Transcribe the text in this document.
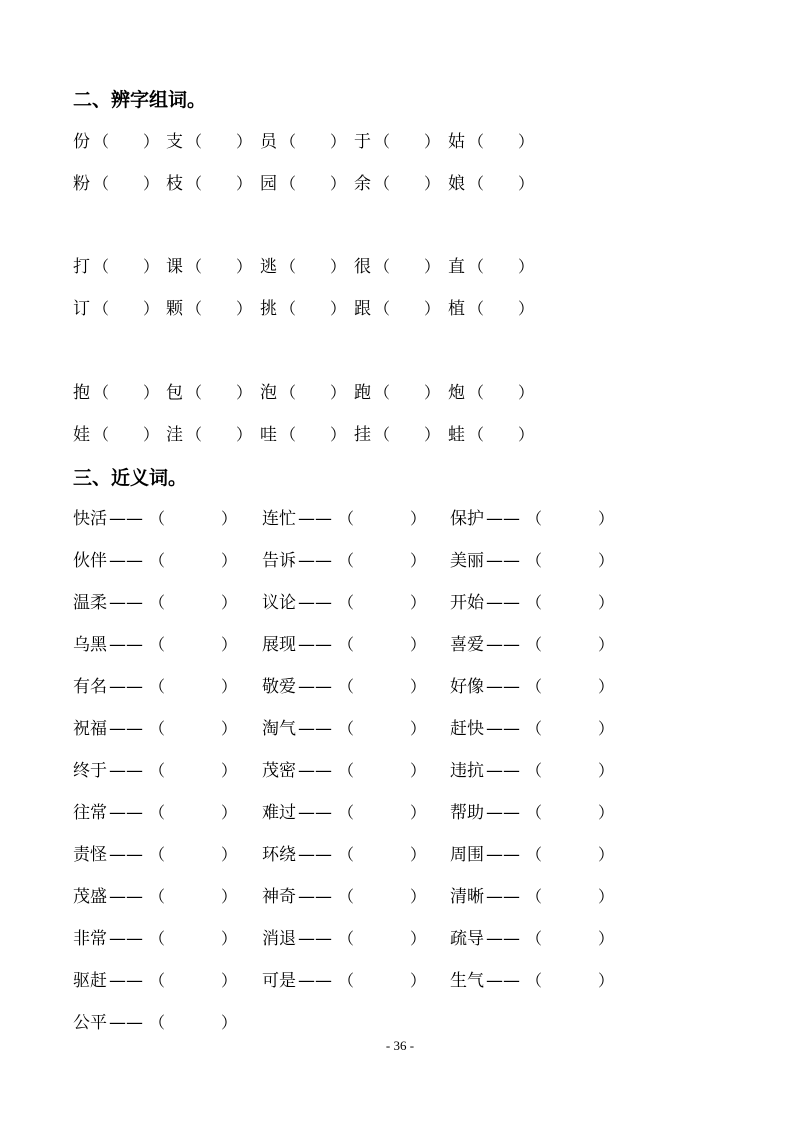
二、辨字组词。
份 （ ） 支 （ ） 员 （ ） 于 （ ） 姑 （ ）
粉 （ ） 枝 （ ） 园 （ ） 余 （ ） 娘 （ ）
打 （ ） 课 （ ） 逃 （ ） 很 （ ） 直 （ ）
订 （ ） 颗 （ ） 挑 （ ） 跟 （ ） 植 （ ）
抱 （ ） 包 （ ） 泡 （ ） 跑 （ ） 炮 （ ）
娃 （ ） 洼 （ ） 哇 （ ） 挂 （ ） 蛙 （ ）
三、近义词。
快活 —— （	） 连忙 —— （	） 保护 —— （	）
伙伴 —— （	） 告诉 —— （	） 美丽 —— （	）
温柔 —— （	） 议论 —— （	） 开始 —— （	）
乌黑 —— （	） 展现 —— （	） 喜爱 —— （	）
有名 —— （	） 敬爱 —— （	） 好像 —— （	）
祝福 —— （	） 淘气 —— （	） 赶快 —— （	）
终于 —— （	） 茂密 —— （	） 违抗 —— （	）
往常 —— （	） 难过 —— （	） 帮助 —— （	）
责怪 —— （	） 环绕 —— （	） 周围 —— （	）
茂盛 —— （	） 神奇 —— （	） 清晰 —— （	）
非常 —— （	） 消退 —— （	） 疏导 —— （	）
驱赶 —— （	） 可是 —— （	） 生气 —— （	）
公平 —— （	）
- 36 -
